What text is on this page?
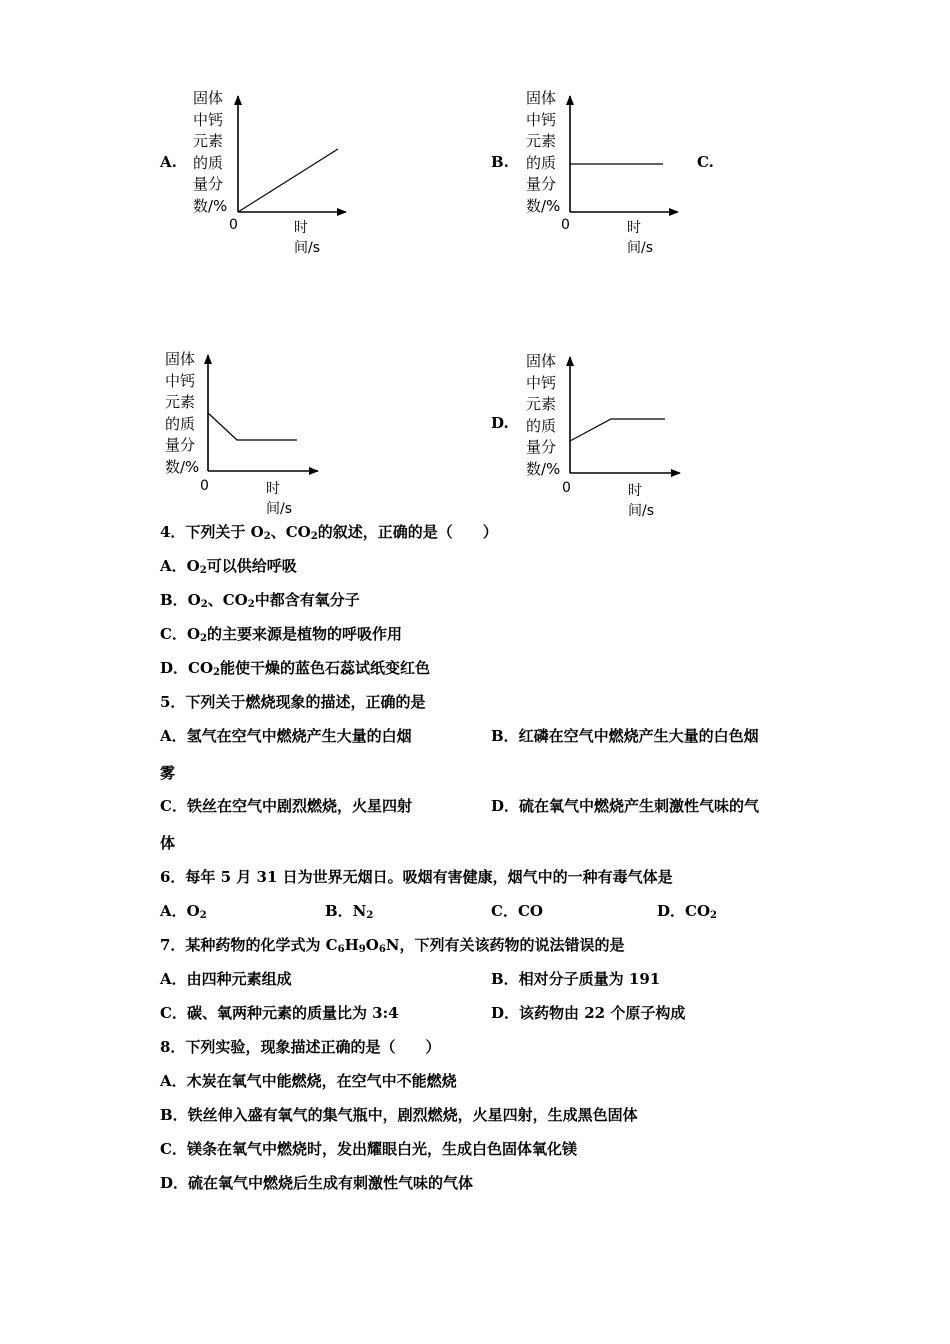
A.	B.	C.
D.
固体
中钙
元素
的质
量分
数/%
0	时间/s
固体
中钙
元素
的质
量分
数/%
0	时间/s
固体
中钙
元素
的质
量分
数/%
0	时间/s
固体
中钙
元素
的质
量分
数/%
0	时间/s
4．下列关于 $O_2$、$CO_2$的叙述，正确的是（　　）
A．$O_2$可以供给呼吸
B．$O_2$、$CO_2$中都含有氧分子
C．$O_2$的主要来源是植物的呼吸作用
D．$CO_2$能使干燥的蓝色石蕊试纸变红色
5．下列关于燃烧现象的描述，正确的是
A．氢气在空气中燃烧产生大量的白烟	B．红磷在空气中燃烧产生大量的白色烟
雾
C．铁丝在空气中剧烈燃烧，火星四射	D．硫在氧气中燃烧产生刺激性气味的气
体
6．每年 5 月 31 日为世界无烟日。吸烟有害健康，烟气中的一种有毒气体是
A．$O_2$	B．$N_2$	C．CO	D．$CO_2$
7．某种药物的化学式为 $C_6H_9O_6N$，下列有关该药物的说法错误的是
A．由四种元素组成	B．相对分子质量为 191
C．碳、氧两种元素的质量比为 3:4	D．该药物由 22 个原子构成
8．下列实验，现象描述正确的是（　　）
A．木炭在氧气中能燃烧，在空气中不能燃烧
B．铁丝伸入盛有氧气的集气瓶中，剧烈燃烧，火星四射，生成黑色固体
C．镁条在氧气中燃烧时，发出耀眼白光，生成白色固体氧化镁
D．硫在氧气中燃烧后生成有刺激性气味的气体
